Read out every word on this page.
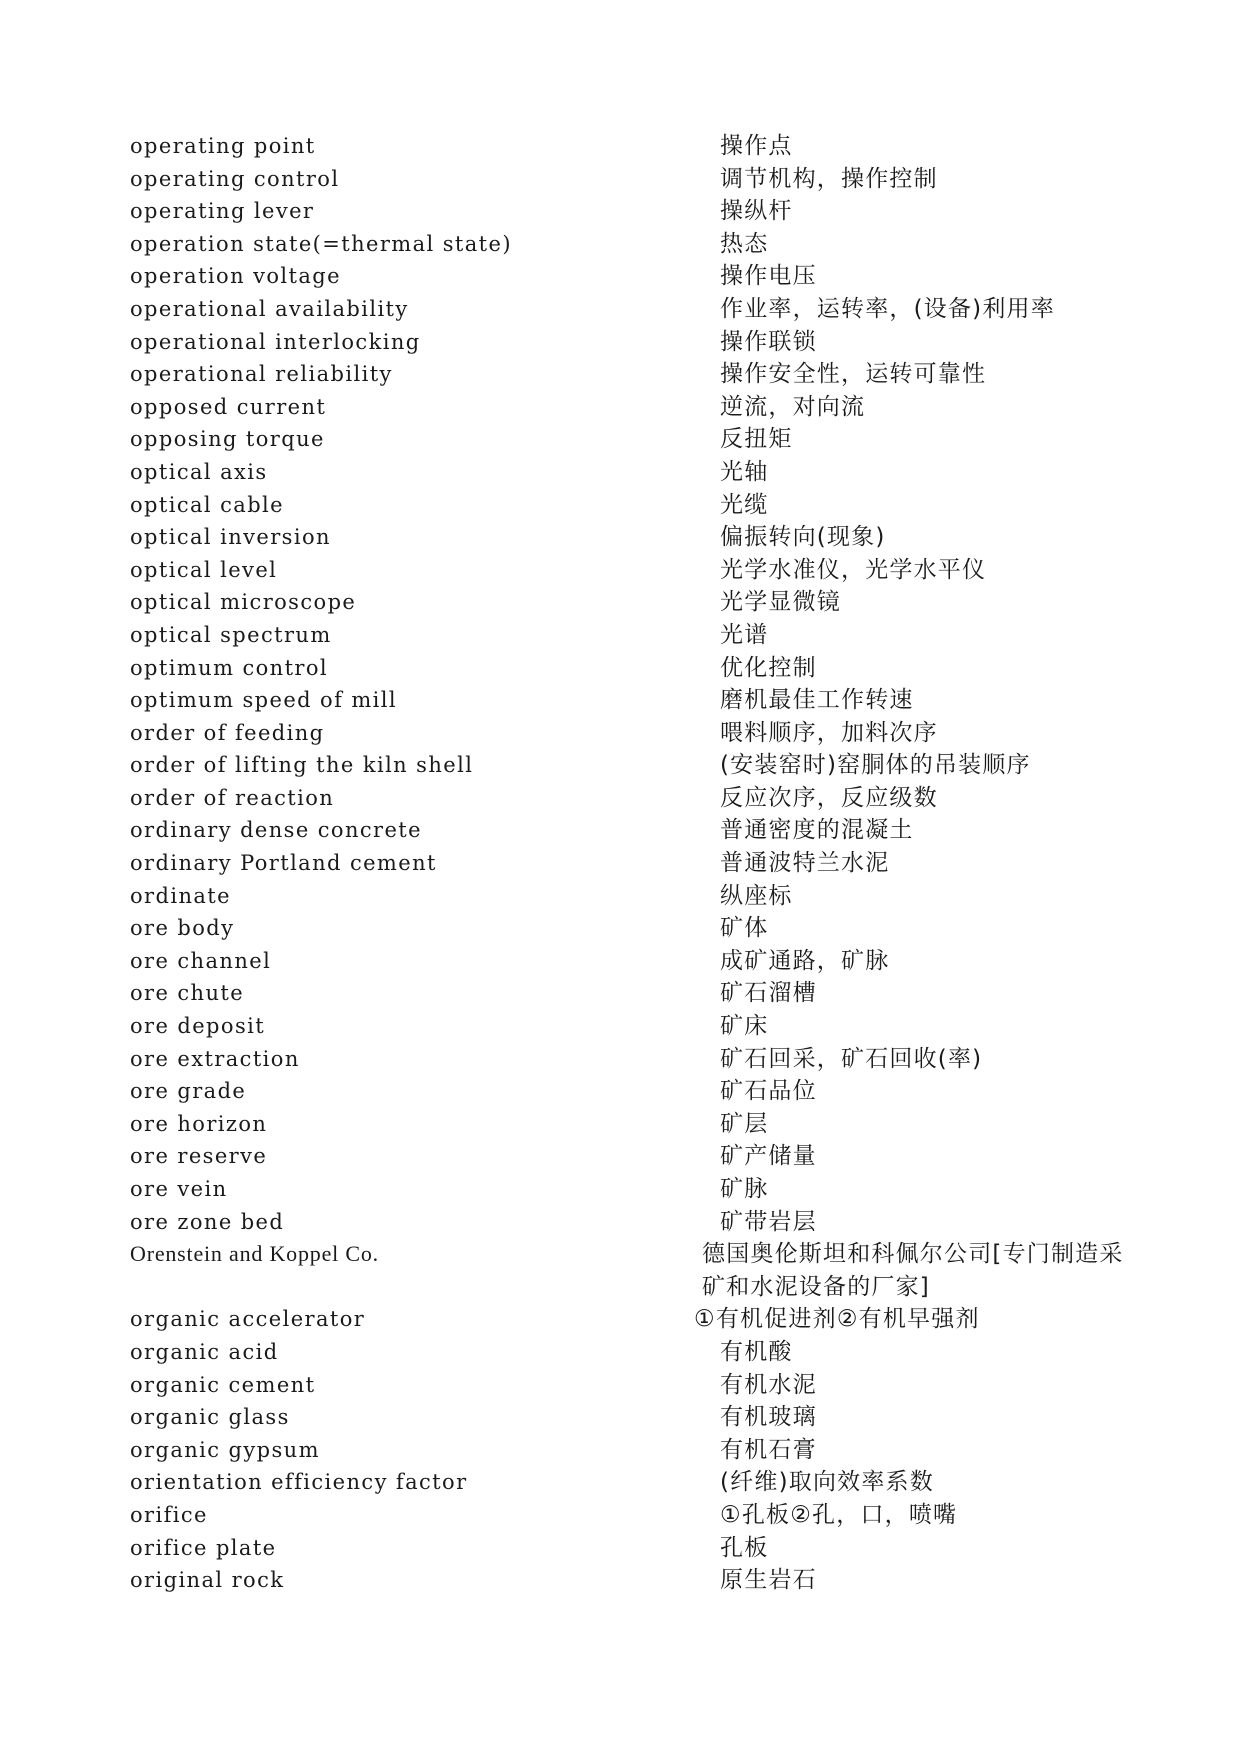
operating point	操作点
operating control	调节机构，操作控制
operating lever	操纵杆
operation state(=thermal state)	热态
operation voltage	操作电压
operational availability	作业率，运转率，(设备)利用率
operational interlocking	操作联锁
operational reliability	操作安全性，运转可靠性
opposed current	逆流，对向流
opposing torque	反扭矩
optical axis	光轴
optical cable	光缆
optical inversion	偏振转向(现象)
optical level	光学水准仪，光学水平仪
optical microscope	光学显微镜
optical spectrum	光谱
optimum control	优化控制
optimum speed of mill	磨机最佳工作转速
order of feeding	喂料顺序，加料次序
order of lifting the kiln shell	(安装窑时)窑胴体的吊装顺序
order of reaction	反应次序，反应级数
ordinary dense concrete	普通密度的混凝土
ordinary Portland cement	普通波特兰水泥
ordinate	纵座标
ore body	矿体
ore channel	成矿通路，矿脉
ore chute	矿石溜槽
ore deposit	矿床
ore extraction	矿石回采，矿石回收(率)
ore grade	矿石品位
ore horizon	矿层
ore reserve	矿产储量
ore vein	矿脉
ore zone bed	矿带岩层
Orenstein and Koppel Co.	德国奥伦斯坦和科佩尔公司[专门制造采矿和水泥设备的厂家]
organic accelerator	①有机促进剂②有机早强剂
organic acid	有机酸
organic cement	有机水泥
organic glass	有机玻璃
organic gypsum	有机石膏
orientation efficiency factor	(纤维)取向效率系数
orifice	①孔板②孔，口，喷嘴
orifice plate	孔板
original rock	原生岩石
